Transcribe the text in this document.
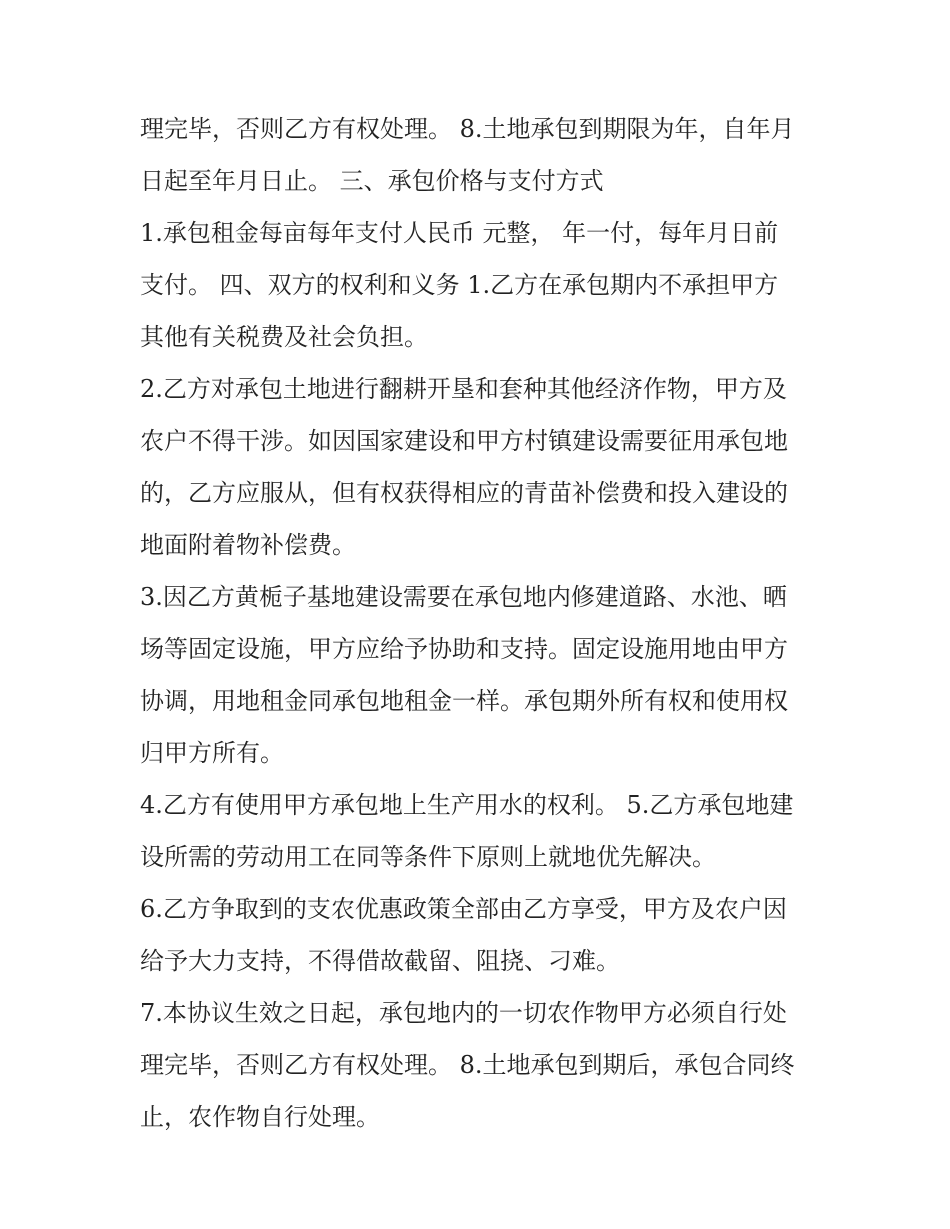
理完毕，否则乙方有权处理。 8.土地承包到期限为年，自年月
日起至年月日止。 三、承包价格与支付方式
1.承包租金每亩每年支付人民币 元整， 年一付，每年月日前
支付。 四、双方的权利和义务 1.乙方在承包期内不承担甲方
其他有关税费及社会负担。
2.乙方对承包土地进行翻耕开垦和套种其他经济作物，甲方及
农户不得干涉。如因国家建设和甲方村镇建设需要征用承包地
的，乙方应服从，但有权获得相应的青苗补偿费和投入建设的
地面附着物补偿费。
3.因乙方黄栀子基地建设需要在承包地内修建道路、水池、晒
场等固定设施，甲方应给予协助和支持。固定设施用地由甲方
协调，用地租金同承包地租金一样。承包期外所有权和使用权
归甲方所有。
4.乙方有使用甲方承包地上生产用水的权利。 5.乙方承包地建
设所需的劳动用工在同等条件下原则上就地优先解决。
6.乙方争取到的支农优惠政策全部由乙方享受，甲方及农户因
给予大力支持，不得借故截留、阻挠、刁难。
7.本协议生效之日起，承包地内的一切农作物甲方必须自行处
理完毕，否则乙方有权处理。 8.土地承包到期后，承包合同终
止，农作物自行处理。
